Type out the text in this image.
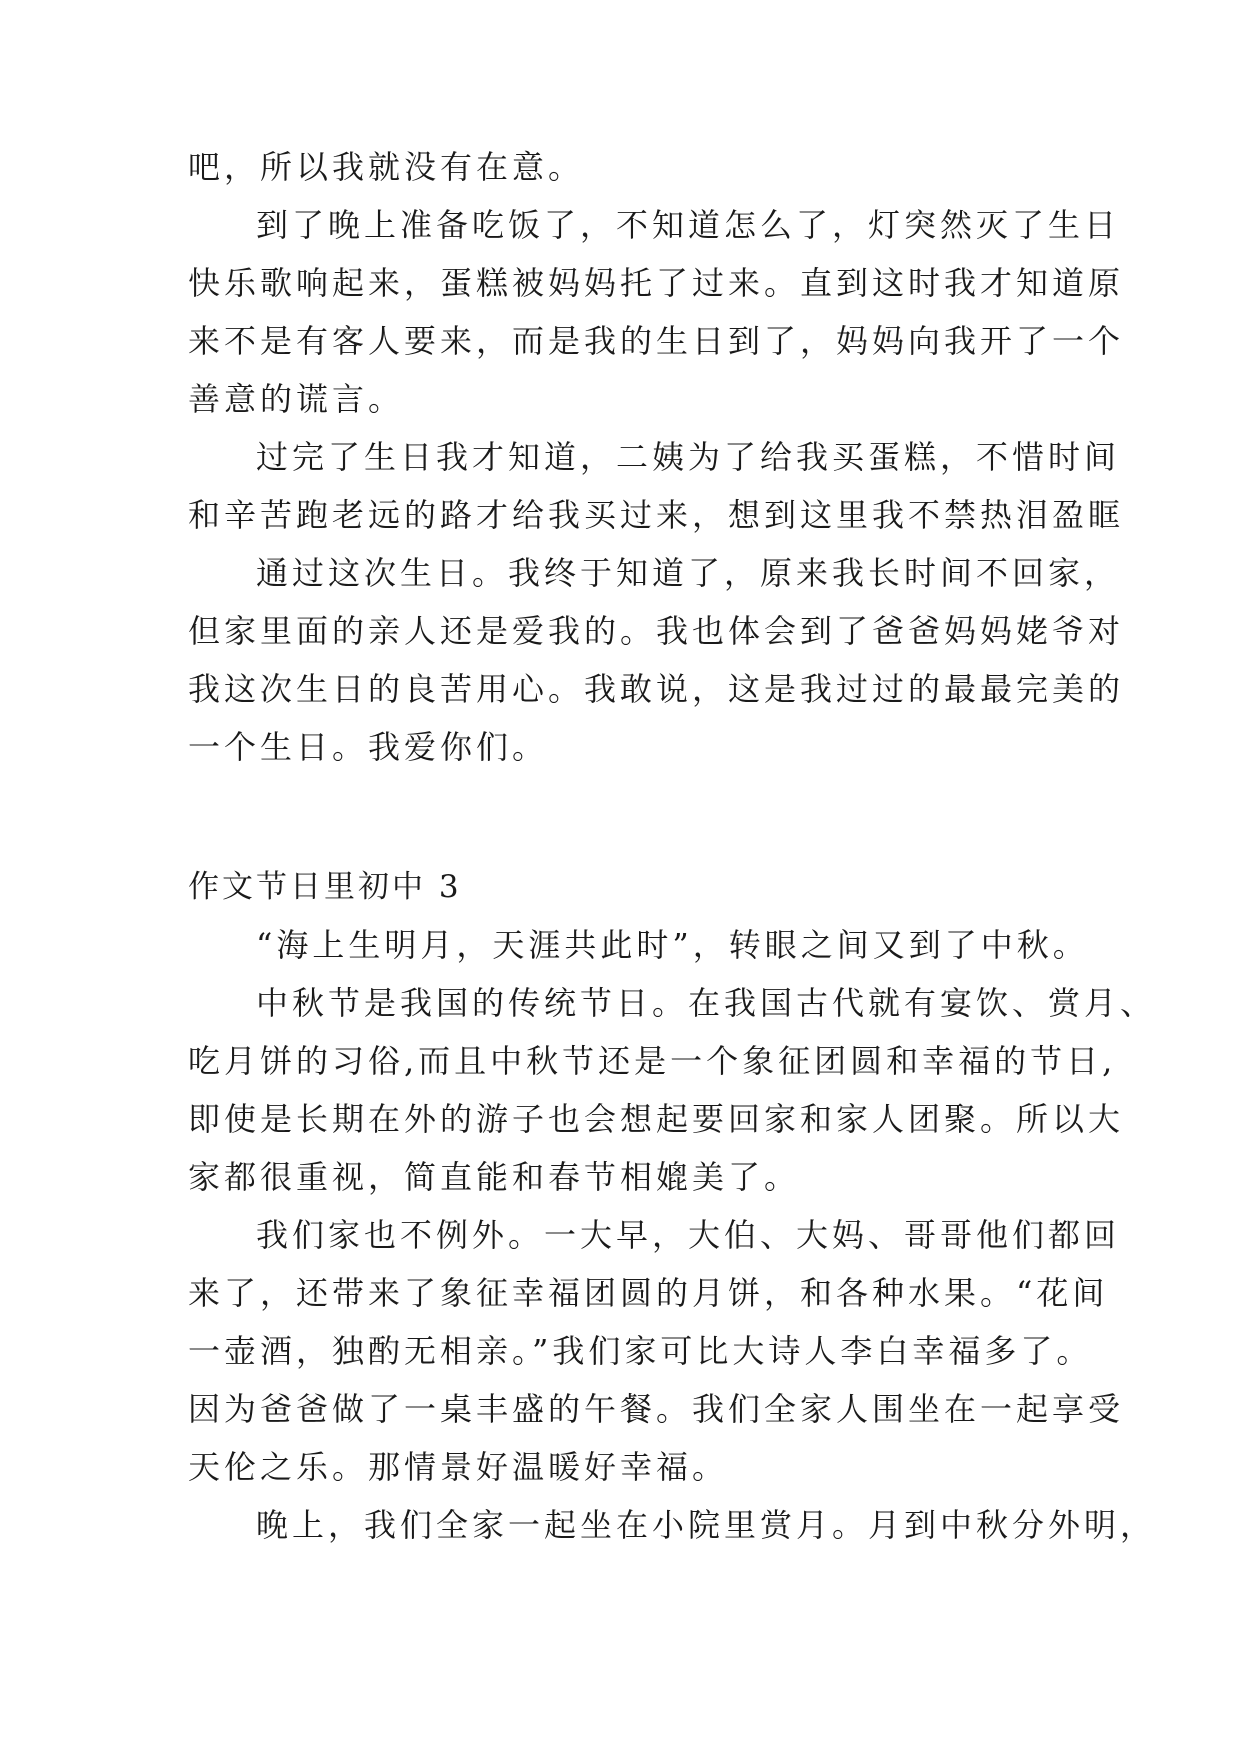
吧，所以我就没有在意。

到了晚上准备吃饭了，不知道怎么了，灯突然灭了生日
快乐歌响起来，蛋糕被妈妈托了过来。直到这时我才知道原
来不是有客人要来，而是我的生日到了，妈妈向我开了一个
善意的谎言。

过完了生日我才知道，二姨为了给我买蛋糕，不惜时间
和辛苦跑老远的路才给我买过来，想到这里我不禁热泪盈眶

通过这次生日。我终于知道了，原来我长时间不回家，
但家里面的亲人还是爱我的。我也体会到了爸爸妈妈姥爷对
我这次生日的良苦用心。我敢说，这是我过过的最最完美的
一个生日。我爱你们。

作文节日里初中 3

“海上生明月，天涯共此时”，转眼之间又到了中秋。

中秋节是我国的传统节日。在我国古代就有宴饮、赏月、
吃月饼的习俗,而且中秋节还是一个象征团圆和幸福的节日,
即使是长期在外的游子也会想起要回家和家人团聚。所以大
家都很重视，简直能和春节相媲美了。

我们家也不例外。一大早，大伯、大妈、哥哥他们都回
来了，还带来了象征幸福团圆的月饼，和各种水果。“花间
一壶酒，独酌无相亲。”我们家可比大诗人李白幸福多了。
因为爸爸做了一桌丰盛的午餐。我们全家人围坐在一起享受
天伦之乐。那情景好温暖好幸福。

晚上，我们全家一起坐在小院里赏月。月到中秋分外明，
